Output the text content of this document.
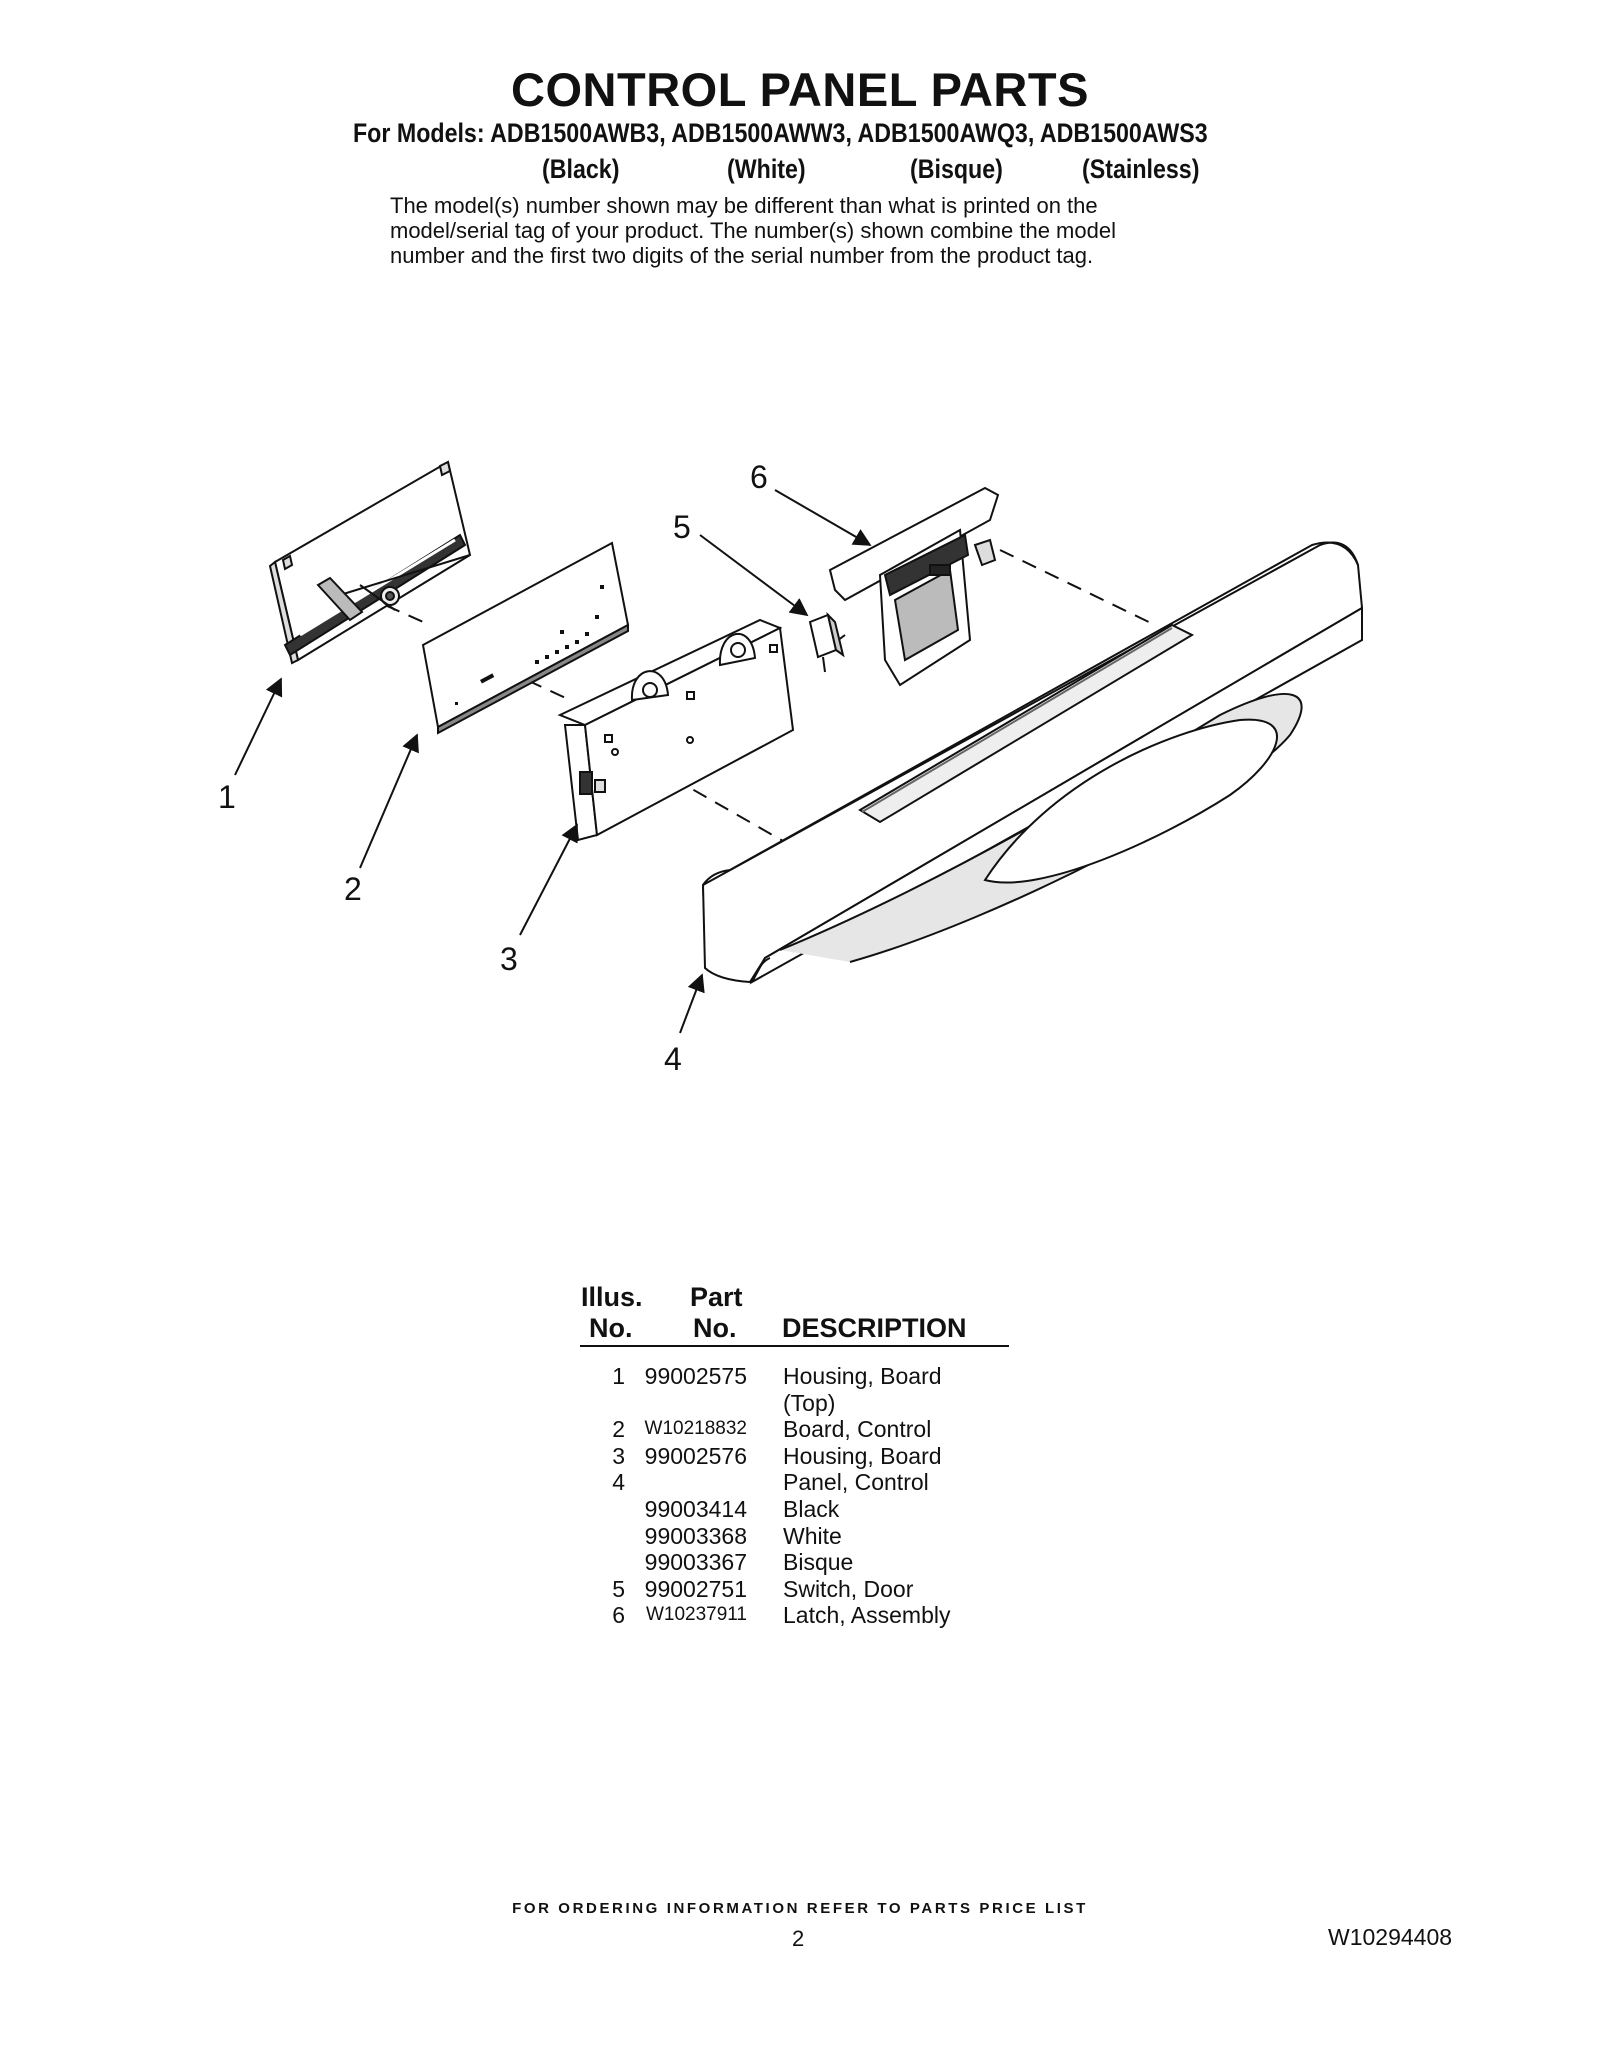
CONTROL PANEL PARTS
For Models: ADB1500AWB3, ADB1500AWW3, ADB1500AWQ3, ADB1500AWS3
(Black)	(White)	(Bisque)	(Stainless)
The model(s) number shown may be different than what is printed on the
model/serial tag of your product. The number(s) shown combine the model
number and the first two digits of the serial number from the product tag.
1
2
3
4
5
6
Illus.
No.
Part
No. DESCRIPTION
1 99002575 Housing, Board
(Top)
2	W10218832 Board, Control
3 99002576 Housing, Board
4	Panel, Control
99003414 Black
99003368 White
99003367 Bisque
5 99002751 Switch, Door
6	W10237911 Latch, Assembly
FOR ORDERING INFORMATION REFER TO PARTS PRICE LIST
2	W10294408
